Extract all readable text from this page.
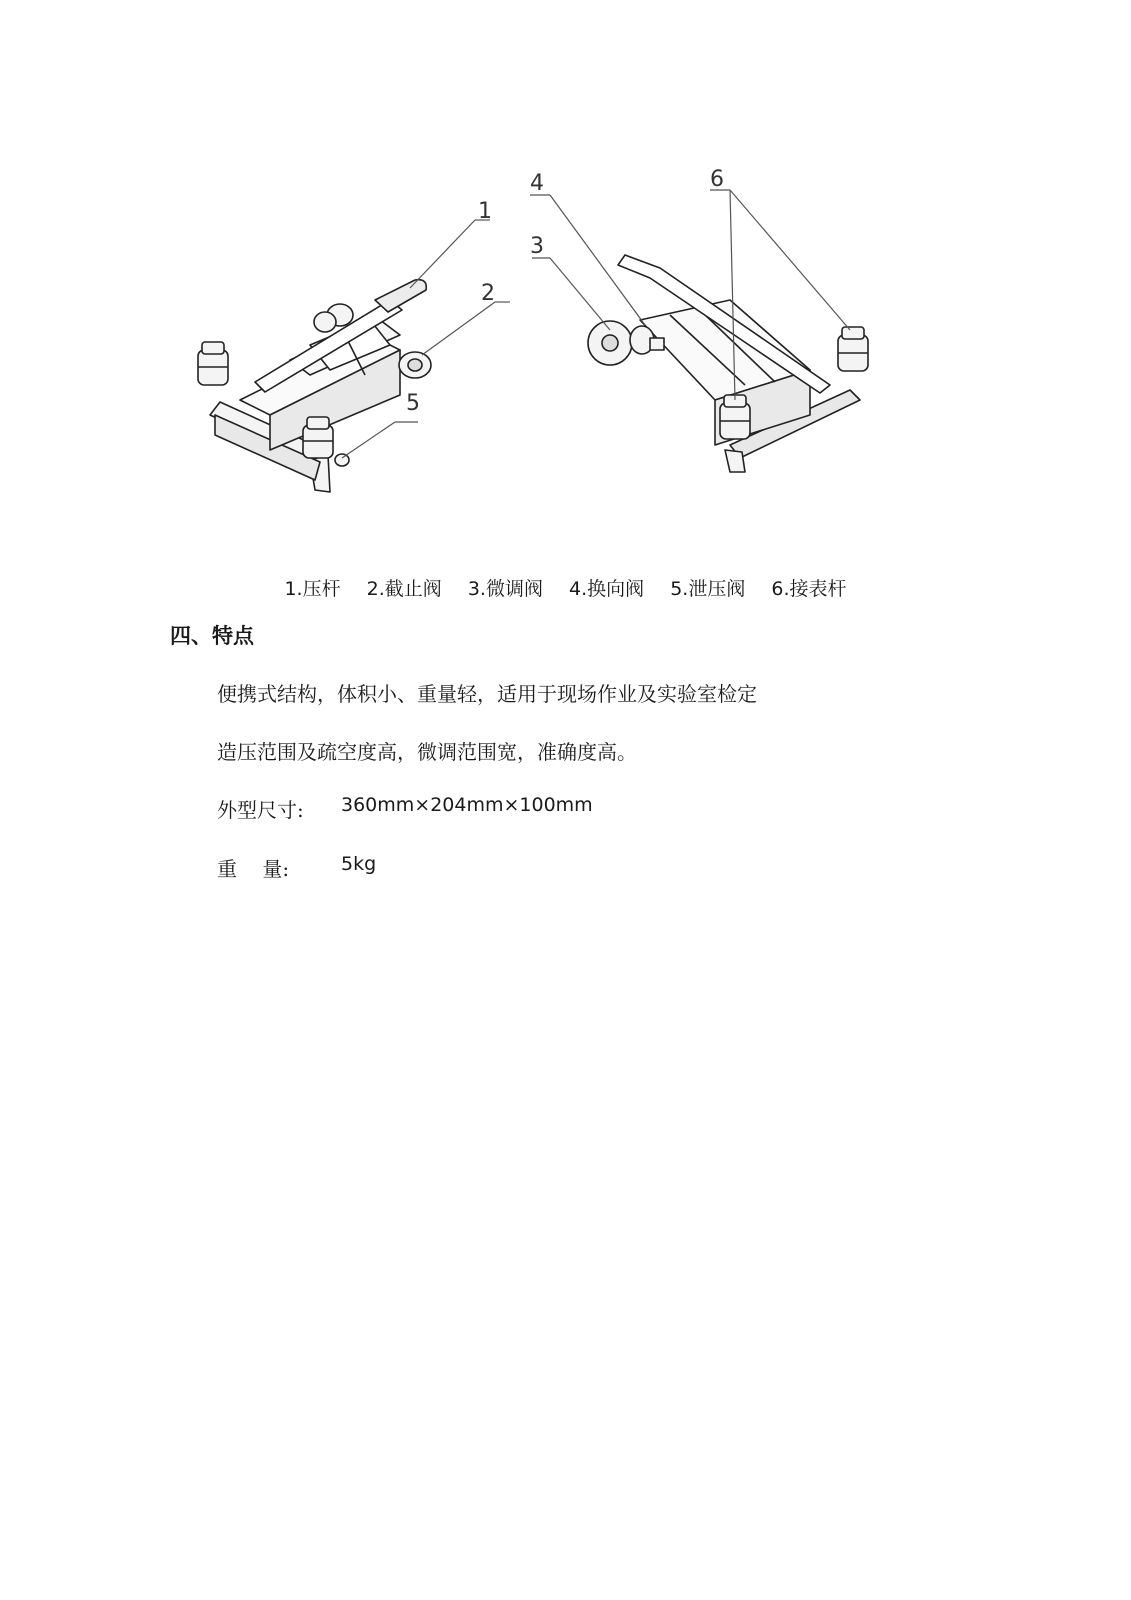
1
2
5
4
3
6
1.压杆 2.截止阀 3.微调阀 4.换向阀 5.泄压阀 6.接表杆
四、特点
便携式结构，体积小、重量轻，适用于现场作业及实验室检定
造压范围及疏空度高，微调范围宽，准确度高。
外型尺寸: 360mm×204mm×100mm
重    量:	5kg
